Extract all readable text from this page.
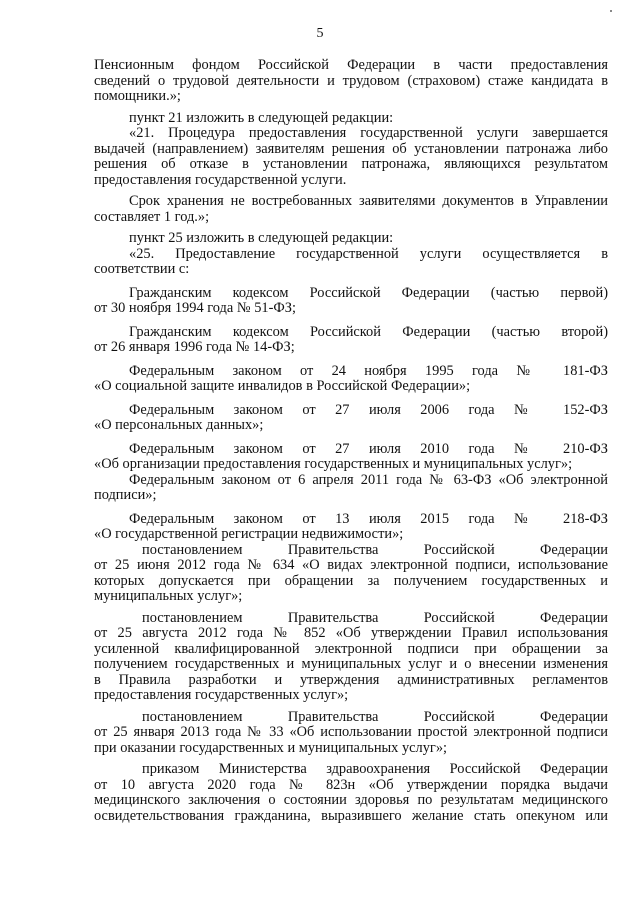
5

Пенсионным фондом Российской Федерации в части предоставления

сведений о трудовой деятельности и трудовом (страховом) стаже кандидата в

помощники.»;

пункт 21 изложить в следующей редакции:

«21. Процедура предоставления государственной услуги завершается

выдачей (направлением) заявителям решения об установлении патронажа либо

решения об отказе в установлении патронажа, являющихся результатом

предоставления государственной услуги.

Срок хранения не востребованных заявителями документов в Управлении

составляет 1 год.»;

пункт 25 изложить в следующей редакции:

«25. Предоставление государственной услуги осуществляется в

соответствии с:

Гражданским кодексом Российской Федерации (частью первой)

от 30 ноября 1994 года № 51-ФЗ;

Гражданским кодексом Российской Федерации (частью второй)

от 26 января 1996 года № 14-ФЗ;

Федеральным законом от 24 ноября 1995 года № 181-ФЗ

«О социальной защите инвалидов в Российской Федерации»;

Федеральным законом от 27 июля 2006 года № 152-ФЗ

«О персональных данных»;

Федеральным законом от 27 июля 2010 года № 210-ФЗ

«Об организации предоставления государственных и муниципальных услуг»;

Федеральным законом от 6 апреля 2011 года № 63-ФЗ «Об электронной

подписи»;

Федеральным законом от 13 июля 2015 года № 218-ФЗ

«О государственной регистрации недвижимости»;

постановлением Правительства Российской Федерации

от 25 июня 2012 года № 634 «О видах электронной подписи, использование

которых допускается при обращении за получением государственных и

муниципальных услуг»;

постановлением Правительства Российской Федерации

от 25 августа 2012 года № 852 «Об утверждении Правил использования

усиленной квалифицированной электронной подписи при обращении за

получением государственных и муниципальных услуг и о внесении изменения

в Правила разработки и утверждения административных регламентов

предоставления государственных услуг»;

постановлением Правительства Российской Федерации

от 25 января 2013 года № 33 «Об использовании простой электронной подписи

при оказании государственных и муниципальных услуг»;

приказом Министерства здравоохранения Российской Федерации

от 10 августа 2020 года № 823н «Об утверждении порядка выдачи

медицинского заключения о состоянии здоровья по результатам медицинского

освидетельствования гражданина, выразившего желание стать опекуном или
